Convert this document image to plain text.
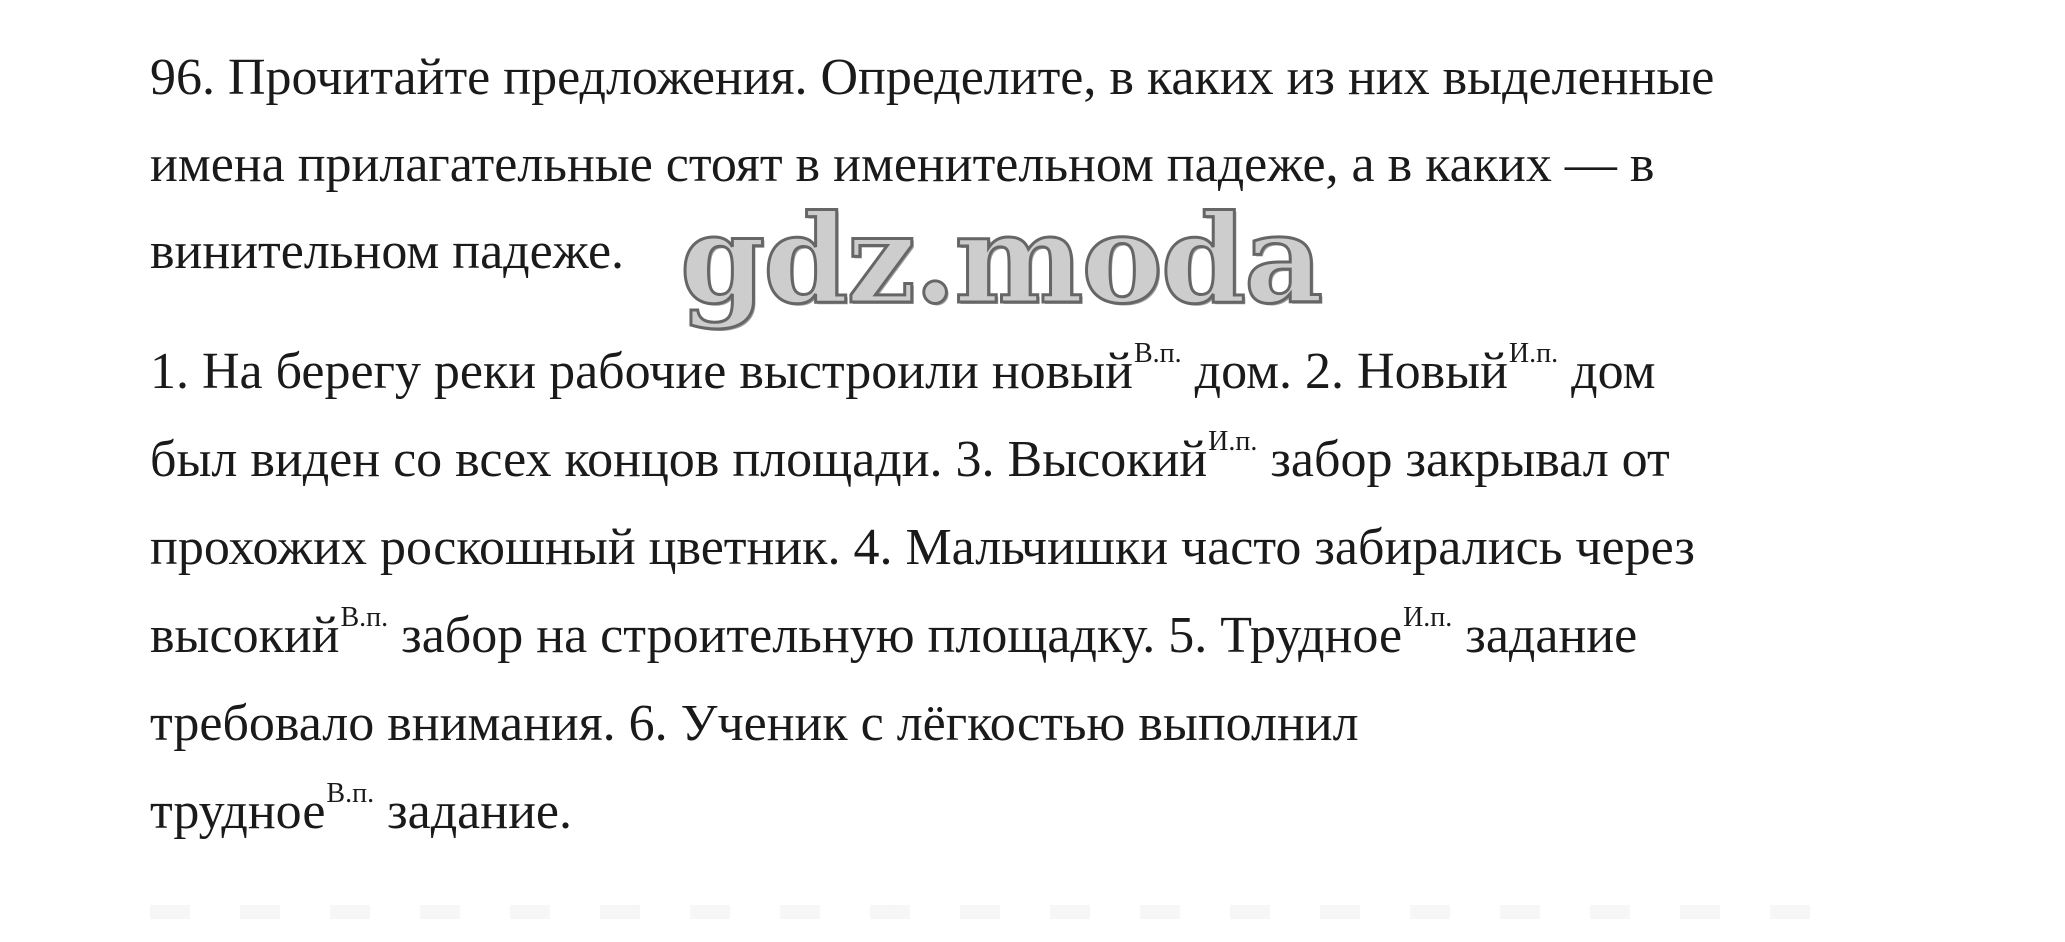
96. Прочитайте предложения. Определите, в каких из них выделенные
имена прилагательные стоят в именительном падеже, а в каких — в
винительном падеже. gdz.moda
1. На берегу реки рабочие выстроили новый$^{В.п.}$ дом. 2. Новый$^{И.п.}$ дом
был виден со всех концов площади. 3. Высокий$^{И.п.}$ забор закрывал от
прохожих роскошный цветник. 4. Мальчишки часто забирались через
высокий$^{В.п.}$ забор на строительную площадку. 5. Трудное$^{И.п.}$ задание
требовало внимания. 6. Ученик с лёгкостью выполнил
трудное$^{В.п.}$ задание.
